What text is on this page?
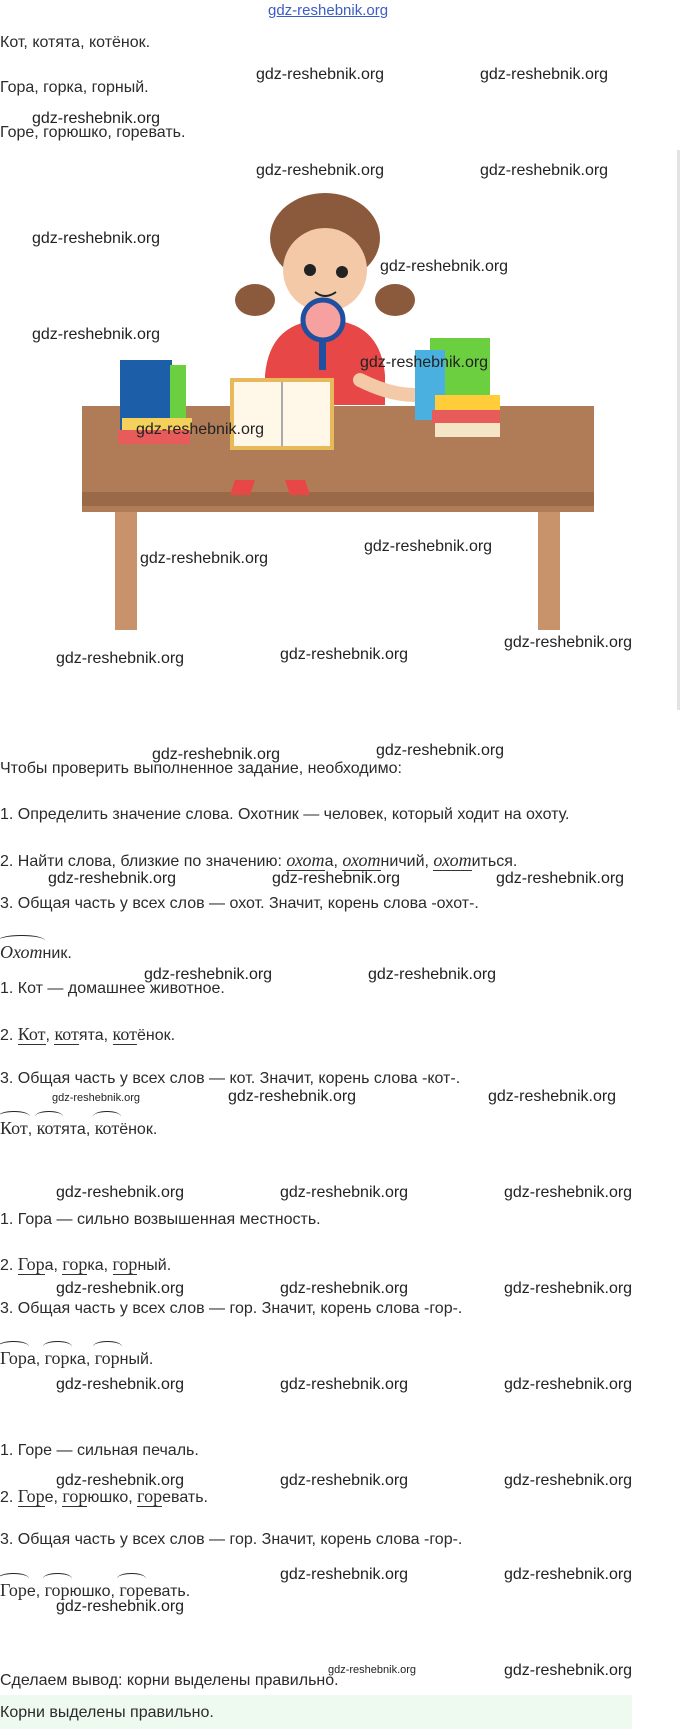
gdz-reshebnik.org
Кот, котята, котёнок.
Гора, горка, горный.
Горе, горюшко, горевать.
gdz-reshebnik.org	gdz-reshebnik.org
gdz-reshebnik.org
gdz-reshebnik.org	gdz-reshebnik.org
gdz-reshebnik.org
gdz-reshebnik.org
gdz-reshebnik.org
gdz-reshebnik.org
gdz-reshebnik.org
gdz-reshebnik.org
gdz-reshebnik.org
gdz-reshebnik.org
gdz-reshebnik.org	gdz-reshebnik.org
gdz-reshebnik.org
gdz-reshebnik.org
Чтобы проверить выполненное задание, необходимо:
1. Определить значение слова. Охотник — человек, который ходит на охоту.
2. Найти слова, близкие по значению: охота, охотничий, охотиться.
gdz-reshebnik.org	gdz-reshebnik.org	gdz-reshebnik.org
3. Общая часть у всех слов — охот. Значит, корень слова -охот-.
Охотник.
gdz-reshebnik.org	gdz-reshebnik.org
1. Кот — домашнее животное.
2. Кот, котята, котёнок.
3. Общая часть у всех слов — кот. Значит, корень слова -кот-.
gdz-reshebnik.org	gdz-reshebnik.org	gdz-reshebnik.org
Кот, котята, котёнок.
gdz-reshebnik.org	gdz-reshebnik.org	gdz-reshebnik.org
1. Гора — сильно возвышенная местность.
2. Гора, горка, горный.
gdz-reshebnik.org	gdz-reshebnik.org	gdz-reshebnik.org
3. Общая часть у всех слов — гор. Значит, корень слова -гор-.
Гора, горка, горный.
gdz-reshebnik.org	gdz-reshebnik.org	gdz-reshebnik.org
1. Горе — сильная печаль.
gdz-reshebnik.org	gdz-reshebnik.org	gdz-reshebnik.org
2. Горе, горюшко, горевать.
3. Общая часть у всех слов — гор. Значит, корень слова -гор-.
gdz-reshebnik.org	gdz-reshebnik.org
Горе, горюшко, горевать.
gdz-reshebnik.org
gdz-reshebnik.org	gdz-reshebnik.org
Сделаем вывод: корни выделены правильно.
Корни выделены правильно.
